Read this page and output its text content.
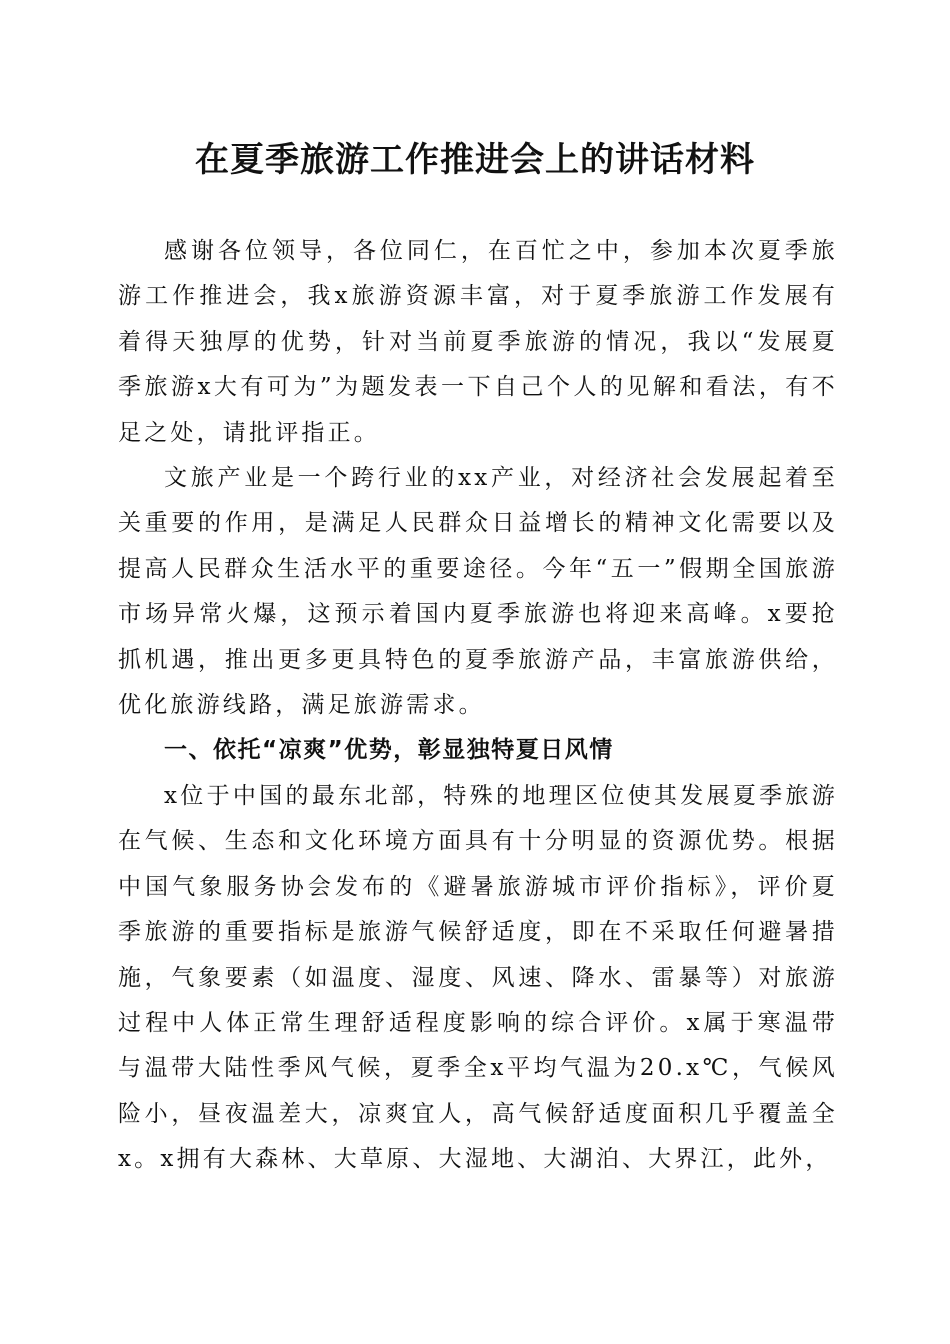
在夏季旅游工作推进会上的讲话材料

感谢各位领导，各位同仁，在百忙之中，参加本次夏季旅游工作推进会，我x旅游资源丰富，对于夏季旅游工作发展有着得天独厚的优势，针对当前夏季旅游的情况，我以“发展夏季旅游x大有可为”为题发表一下自己个人的见解和看法，有不足之处，请批评指正。

文旅产业是一个跨行业的xx产业，对经济社会发展起着至关重要的作用，是满足人民群众日益增长的精神文化需要以及提高人民群众生活水平的重要途径。今年“五一”假期全国旅游市场异常火爆，这预示着国内夏季旅游也将迎来高峰。x要抢抓机遇，推出更多更具特色的夏季旅游产品，丰富旅游供给，优化旅游线路，满足旅游需求。

一、依托“凉爽”优势，彰显独特夏日风情

x位于中国的最东北部，特殊的地理区位使其发展夏季旅游在气候、生态和文化环境方面具有十分明显的资源优势。根据中国气象服务协会发布的《避暑旅游城市评价指标》，评价夏季旅游的重要指标是旅游气候舒适度，即在不采取任何避暑措施，气象要素（如温度、湿度、风速、降水、雷暴等）对旅游过程中人体正常生理舒适程度影响的综合评价。x属于寒温带与温带大陆性季风气候，夏季全x平均气温为20.x℃，气候风险小，昼夜温差大，凉爽宜人，高气候舒适度面积几乎覆盖全x。x拥有大森林、大草原、大湿地、大湖泊、大界江，此外，
